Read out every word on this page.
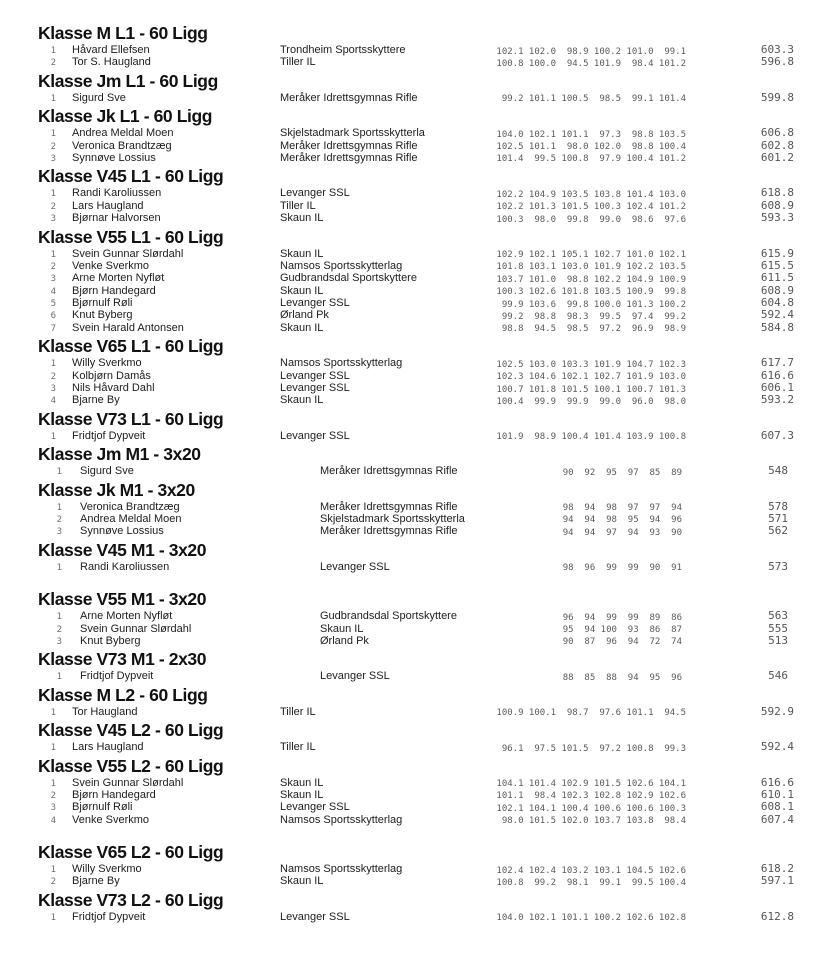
Klasse M L1 - 60 Ligg
1 Håvard Ellefsen	Trondheim Sportsskyttere	102.1 102.0 98.9 100.2 101.0 99.1	603.3
2 Tor S. Haugland	Tiller IL	100.8 100.0 94.5 101.9 98.4 101.2	596.8
Klasse Jm L1 - 60 Ligg
1 Sigurd Sve	Meråker Idrettsgymnas Rifle	99.2 101.1 100.5 98.5 99.1 101.4	599.8
Klasse Jk L1 - 60 Ligg
1 Andrea Meldal Moen	Skjelstadmark Sportsskytterla	104.0 102.1 101.1 97.3 98.8 103.5	606.8
2 Veronica Brandtzæg	Meråker Idrettsgymnas Rifle	102.5 101.1 98.0 102.0 98.8 100.4	602.8
3 Synnøve Lossius	Meråker Idrettsgymnas Rifle	101.4 99.5 100.8 97.9 100.4 101.2	601.2
Klasse V45 L1 - 60 Ligg
1 Randi Karoliussen	Levanger SSL	102.2 104.9 103.5 103.8 101.4 103.0	618.8
2 Lars Haugland	Tiller IL	102.2 101.3 101.5 100.3 102.4 101.2	608.9
3 Bjørnar Halvorsen	Skaun IL	100.3 98.0 99.8 99.0 98.6 97.6	593.3
Klasse V55 L1 - 60 Ligg
1 Svein Gunnar Slørdahl	Skaun IL	102.9 102.1 105.1 102.7 101.0 102.1	615.9
2 Venke Sverkmo	Namsos Sportsskytterlag	101.8 103.1 103.0 101.9 102.2 103.5	615.5
3 Arne Morten Nyfløt	Gudbrandsdal Sportskyttere	103.7 101.0 98.8 102.2 104.9 100.9	611.5
4 Bjørn Handegard	Skaun IL	100.3 102.6 101.8 103.5 100.9 99.8	608.9
5 Bjørnulf Røli	Levanger SSL	99.9 103.6 99.8 100.0 101.3 100.2	604.8
6 Knut Byberg	Ørland Pk	99.2 98.8 98.3 99.5 97.4 99.2	592.4
7 Svein Harald Antonsen	Skaun IL	98.8 94.5 98.5 97.2 96.9 98.9	584.8
Klasse V65 L1 - 60 Ligg
1 Willy Sverkmo	Namsos Sportsskytterlag	102.5 103.0 103.3 101.9 104.7 102.3	617.7
2 Kolbjørn Damås	Levanger SSL	102.3 104.6 102.1 102.7 101.9 103.0	616.6
3 Nils Håvard Dahl	Levanger SSL	100.7 101.8 101.5 100.1 100.7 101.3	606.1
4 Bjarne By	Skaun IL	100.4 99.9 99.9 99.0 96.0 98.0	593.2
Klasse V73 L1 - 60 Ligg
1 Fridtjof Dypveit	Levanger SSL	101.9 98.9 100.4 101.4 103.9 100.8	607.3
Klasse Jm M1 - 3x20
1 Sigurd Sve	Meråker Idrettsgymnas Rifle	90 92 95 97 85 89	548
Klasse Jk M1 - 3x20
1 Veronica Brandtzæg	Meråker Idrettsgymnas Rifle	98 94 98 97 97 94	578
2 Andrea Meldal Moen	Skjelstadmark Sportsskytterla	94 94 98 95 94 96	571
3 Synnøve Lossius	Meråker Idrettsgymnas Rifle	94 94 97 94 93 90	562
Klasse V45 M1 - 3x20
1 Randi Karoliussen	Levanger SSL	98 96 99 99 90 91	573
Klasse V55 M1 - 3x20
1 Arne Morten Nyfløt	Gudbrandsdal Sportskyttere	96 94 99 99 89 86	563
2 Svein Gunnar Slørdahl	Skaun IL	95 94 100 93 86 87	555
3 Knut Byberg	Ørland Pk	90 87 96 94 72 74	513
Klasse V73 M1 - 2x30
1 Fridtjof Dypveit	Levanger SSL	88 85 88 94 95 96	546
Klasse M L2 - 60 Ligg
1 Tor Haugland	Tiller IL	100.9 100.1 98.7 97.6 101.1 94.5	592.9
Klasse V45 L2 - 60 Ligg
1 Lars Haugland	Tiller IL	96.1 97.5 101.5 97.2 100.8 99.3	592.4
Klasse V55 L2 - 60 Ligg
1 Svein Gunnar Slørdahl	Skaun IL	104.1 101.4 102.9 101.5 102.6 104.1	616.6
2 Bjørn Handegard	Skaun IL	101.1 98.4 102.3 102.8 102.9 102.6	610.1
3 Bjørnulf Røli	Levanger SSL	102.1 104.1 100.4 100.6 100.6 100.3	608.1
4 Venke Sverkmo	Namsos Sportsskytterlag	98.0 101.5 102.0 103.7 103.8 98.4	607.4
Klasse V65 L2 - 60 Ligg
1 Willy Sverkmo	Namsos Sportsskytterlag	102.4 102.4 103.2 103.1 104.5 102.6	618.2
2 Bjarne By	Skaun IL	100.8 99.2 98.1 99.1 99.5 100.4	597.1
Klasse V73 L2 - 60 Ligg
1 Fridtjof Dypveit	Levanger SSL	104.0 102.1 101.1 100.2 102.6 102.8	612.8
